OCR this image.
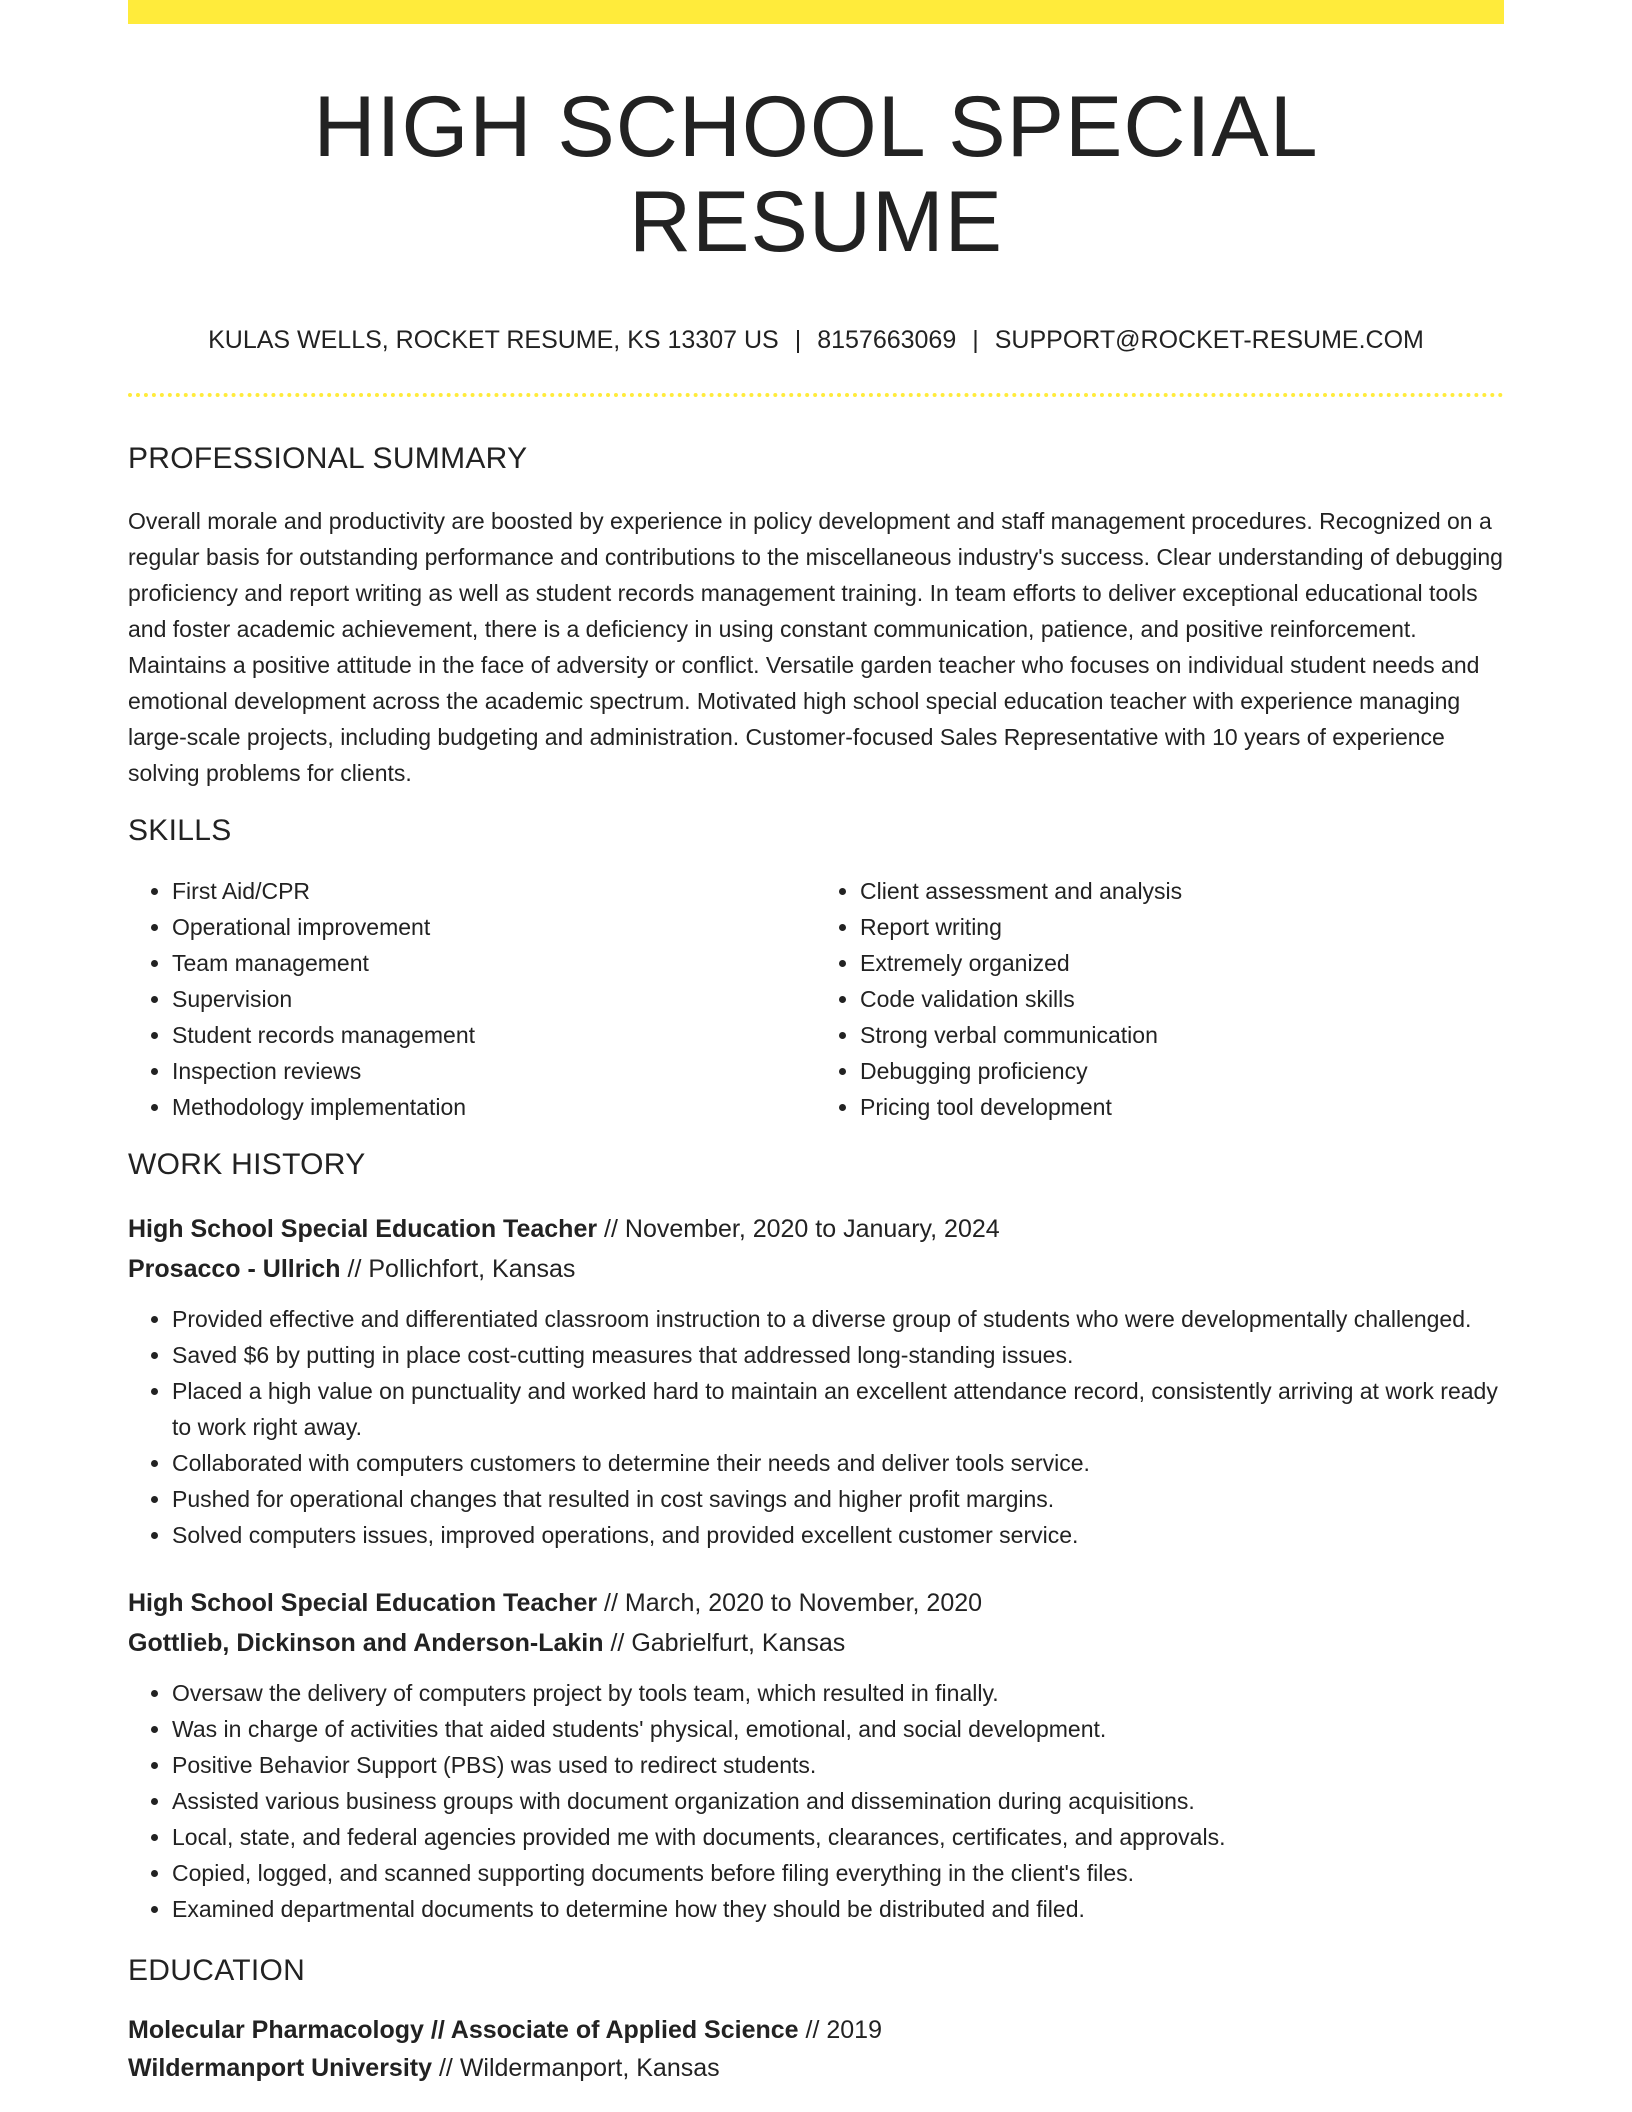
HIGH SCHOOL SPECIAL RESUME
KULAS WELLS, ROCKET RESUME, KS 13307 US | 8157663069 | SUPPORT@ROCKET-RESUME.COM
PROFESSIONAL SUMMARY

Overall morale and productivity are boosted by experience in policy development and staff management procedures. Recognized on a regular basis for outstanding performance and contributions to the miscellaneous industry's success. Clear understanding of debugging proficiency and report writing as well as student records management training. In team efforts to deliver exceptional educational tools and foster academic achievement, there is a deficiency in using constant communication, patience, and positive reinforcement. Maintains a positive attitude in the face of adversity or conflict. Versatile garden teacher who focuses on individual student needs and emotional development across the academic spectrum. Motivated high school special education teacher with experience managing large-scale projects, including budgeting and administration. Customer-focused Sales Representative with 10 years of experience solving problems for clients.

SKILLS
• First Aid/CPR
• Operational improvement
• Team management
• Supervision
• Student records management
• Inspection reviews
• Methodology implementation
• Client assessment and analysis
• Report writing
• Extremely organized
• Code validation skills
• Strong verbal communication
• Debugging proficiency
• Pricing tool development
WORK HISTORY
High School Special Education Teacher // November, 2020 to January, 2024
Prosacco - Ullrich // Pollichfort, Kansas
• Provided effective and differentiated classroom instruction to a diverse group of students who were developmentally challenged.
• Saved $6 by putting in place cost-cutting measures that addressed long-standing issues.
• Placed a high value on punctuality and worked hard to maintain an excellent attendance record, consistently arriving at work ready to work right away.
• Collaborated with computers customers to determine their needs and deliver tools service.
• Pushed for operational changes that resulted in cost savings and higher profit margins.
• Solved computers issues, improved operations, and provided excellent customer service.
High School Special Education Teacher // March, 2020 to November, 2020
Gottlieb, Dickinson and Anderson-Lakin // Gabrielfurt, Kansas
• Oversaw the delivery of computers project by tools team, which resulted in finally.
• Was in charge of activities that aided students' physical, emotional, and social development.
• Positive Behavior Support (PBS) was used to redirect students.
• Assisted various business groups with document organization and dissemination during acquisitions.
• Local, state, and federal agencies provided me with documents, clearances, certificates, and approvals.
• Copied, logged, and scanned supporting documents before filing everything in the client's files.
• Examined departmental documents to determine how they should be distributed and filed.
EDUCATION
Molecular Pharmacology // Associate of Applied Science // 2019
Wildermanport University // Wildermanport, Kansas
